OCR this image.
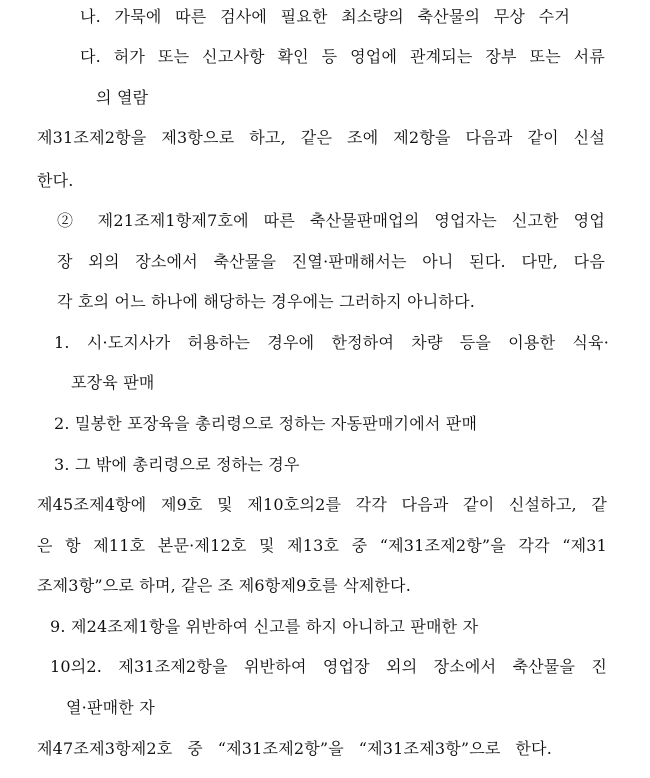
나. 가묵에 따른 검사에 필요한 최소량의 축산물의 무상 수거
다. 허가 또는 신고사항 확인 등 영업에 관계되는 장부 또는 서류
의 열람
제31조제2항을 제3항으로 하고, 같은 조에 제2항을 다음과 같이 신설
한다.
② 제21조제1항제7호에 따른 축산물판매업의 영업자는 신고한 영업
장 외의 장소에서 축산물을 진열·판매해서는 아니 된다. 다만, 다음
각 호의 어느 하나에 해당하는 경우에는 그러하지 아니하다.
1. 시·도지사가 허용하는 경우에 한정하여 차량 등을 이용한 식육·
포장육 판매
2. 밀봉한 포장육을 총리령으로 정하는 자동판매기에서 판매
3. 그 밖에 총리령으로 정하는 경우
제45조제4항에 제9호 및 제10호의2를 각각 다음과 같이 신설하고, 같
은 항 제11호 본문·제12호 및 제13호 중 “제31조제2항”을 각각 “제31
조제3항”으로 하며, 같은 조 제6항제9호를 삭제한다.
9. 제24조제1항을 위반하여 신고를 하지 아니하고 판매한 자
10의2. 제31조제2항을 위반하여 영업장 외의 장소에서 축산물을 진
열·판매한 자
제47조제3항제2호 중 “제31조제2항”을 “제31조제3항”으로 한다.
